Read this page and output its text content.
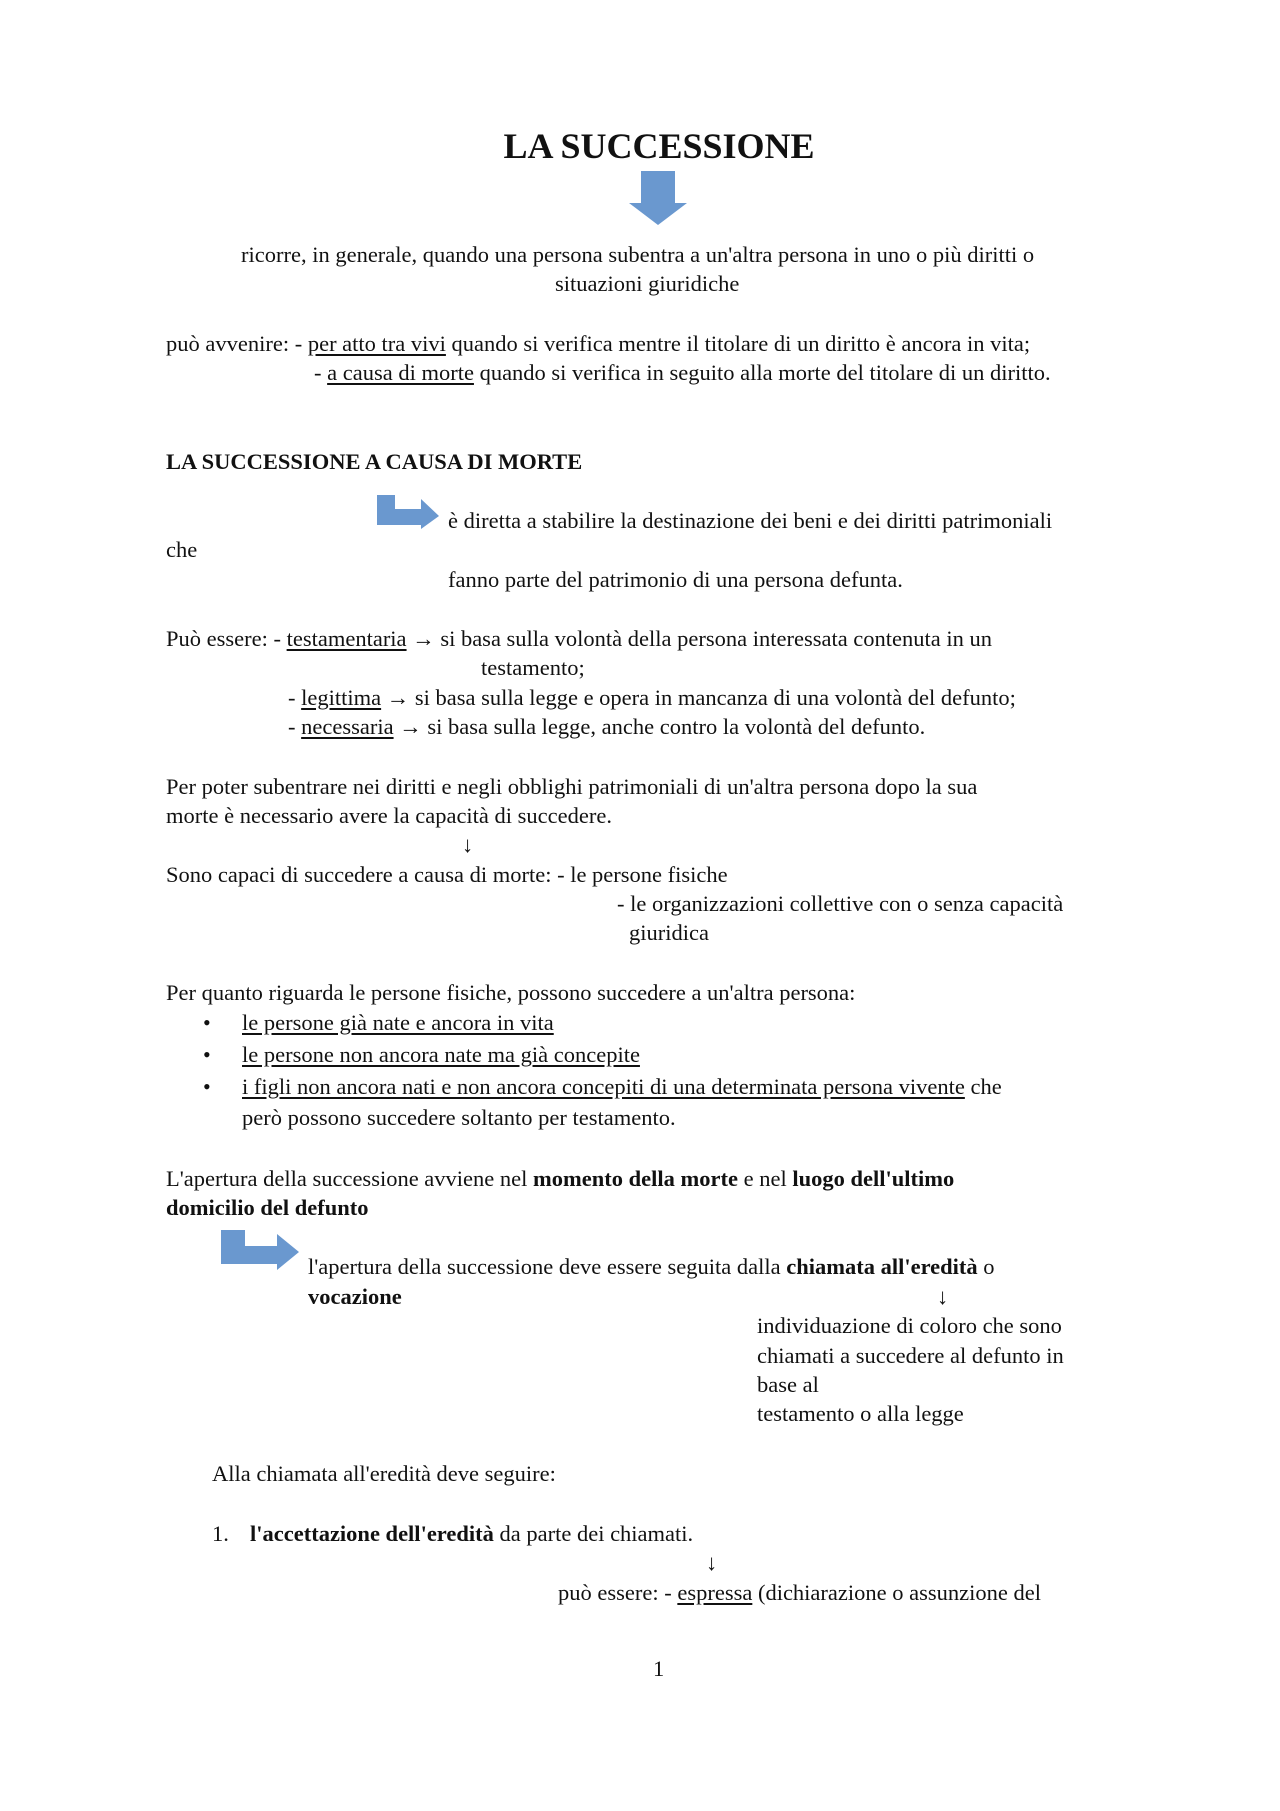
LA SUCCESSIONE
ricorre, in generale, quando una persona subentra a un'altra persona in uno o più diritti o
situazioni giuridiche
può avvenire: - per atto tra vivi quando si verifica mentre il titolare di un diritto è ancora in vita;
- a causa di morte quando si verifica in seguito alla morte del titolare di un diritto.
LA SUCCESSIONE A CAUSA DI MORTE
è diretta a stabilire la destinazione dei beni e dei diritti patrimoniali
che
fanno parte del patrimonio di una persona defunta.
Può essere: - testamentaria → si basa sulla volontà della persona interessata contenuta in un
testamento;
- legittima → si basa sulla legge e opera in mancanza di una volontà del defunto;
- necessaria → si basa sulla legge, anche contro la volontà del defunto.
Per poter subentrare nei diritti e negli obblighi patrimoniali di un'altra persona dopo la sua
morte è necessario avere la capacità di succedere.
↓
Sono capaci di succedere a causa di morte: - le persone fisiche
- le organizzazioni collettive con o senza capacità
giuridica
Per quanto riguarda le persone fisiche, possono succedere a un'altra persona:
• le persone già nate e ancora in vita
• le persone non ancora nate ma già concepite
• i figli non ancora nati e non ancora concepiti di una determinata persona vivente che
però possono succedere soltanto per testamento.
L'apertura della successione avviene nel momento della morte e nel luogo dell'ultimo
domicilio del defunto
l'apertura della successione deve essere seguita dalla chiamata all'eredità o
vocazione	↓
individuazione di coloro che sono
chiamati a succedere al defunto in
base al
testamento o alla legge
Alla chiamata all'eredità deve seguire:
1. l'accettazione dell'eredità da parte dei chiamati.
↓
può essere: - espressa (dichiarazione o assunzione del
1
